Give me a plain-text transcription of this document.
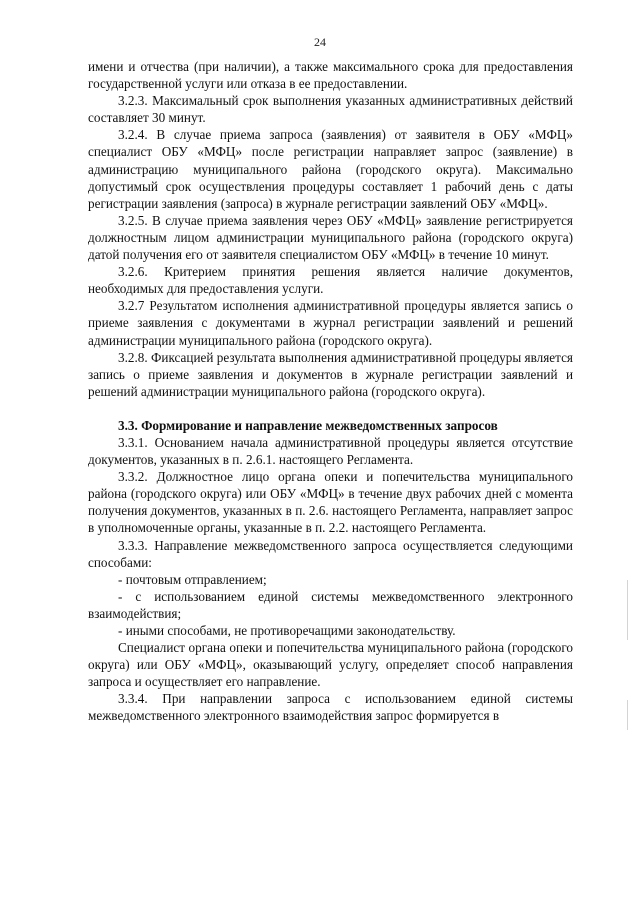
24

имени и отчества (при наличии), а также максимального срока для предоставления государственной услуги или отказа в ее предоставлении.

3.2.3. Максимальный срок выполнения указанных административных действий составляет 30 минут.

3.2.4. В случае приема запроса (заявления) от заявителя в ОБУ «МФЦ» специалист ОБУ «МФЦ» после регистрации направляет запрос (заявление) в администрацию муниципального района (городского округа). Максимально допустимый срок осуществления процедуры составляет 1 рабочий день с даты регистрации заявления (запроса) в журнале регистрации заявлений ОБУ «МФЦ».

3.2.5. В случае приема заявления через ОБУ «МФЦ» заявление регистрируется должностным лицом администрации муниципального района (городского округа) датой получения его от заявителя специалистом ОБУ «МФЦ» в течение 10 минут.

3.2.6. Критерием принятия решения является наличие документов, необходимых для предоставления услуги.

3.2.7 Результатом исполнения административной процедуры является запись о приеме заявления с документами в журнал регистрации заявлений и решений администрации муниципального района (городского округа).

3.2.8. Фиксацией результата выполнения административной процедуры является запись о приеме заявления и документов в журнале регистрации заявлений и решений администрации муниципального района (городского округа).

3.3. Формирование и направление межведомственных запросов

3.3.1. Основанием начала административной процедуры является отсутствие документов, указанных в п. 2.6.1. настоящего Регламента.

3.3.2. Должностное лицо органа опеки и попечительства муниципального района (городского округа) или ОБУ «МФЦ» в течение двух рабочих дней с момента получения документов, указанных в п. 2.6. настоящего Регламента, направляет запрос в уполномоченные органы, указанные в п. 2.2. настоящего Регламента.

3.3.3. Направление межведомственного запроса осуществляется следующими способами:

- почтовым отправлением;

- с использованием единой системы межведомственного электронного взаимодействия;

- иными способами, не противоречащими законодательству.

Специалист органа опеки и попечительства муниципального района (городского округа) или ОБУ «МФЦ», оказывающий услугу, определяет способ направления запроса и осуществляет его направление.

3.3.4. При направлении запроса с использованием единой системы межведомственного электронного взаимодействия запрос формируется в
